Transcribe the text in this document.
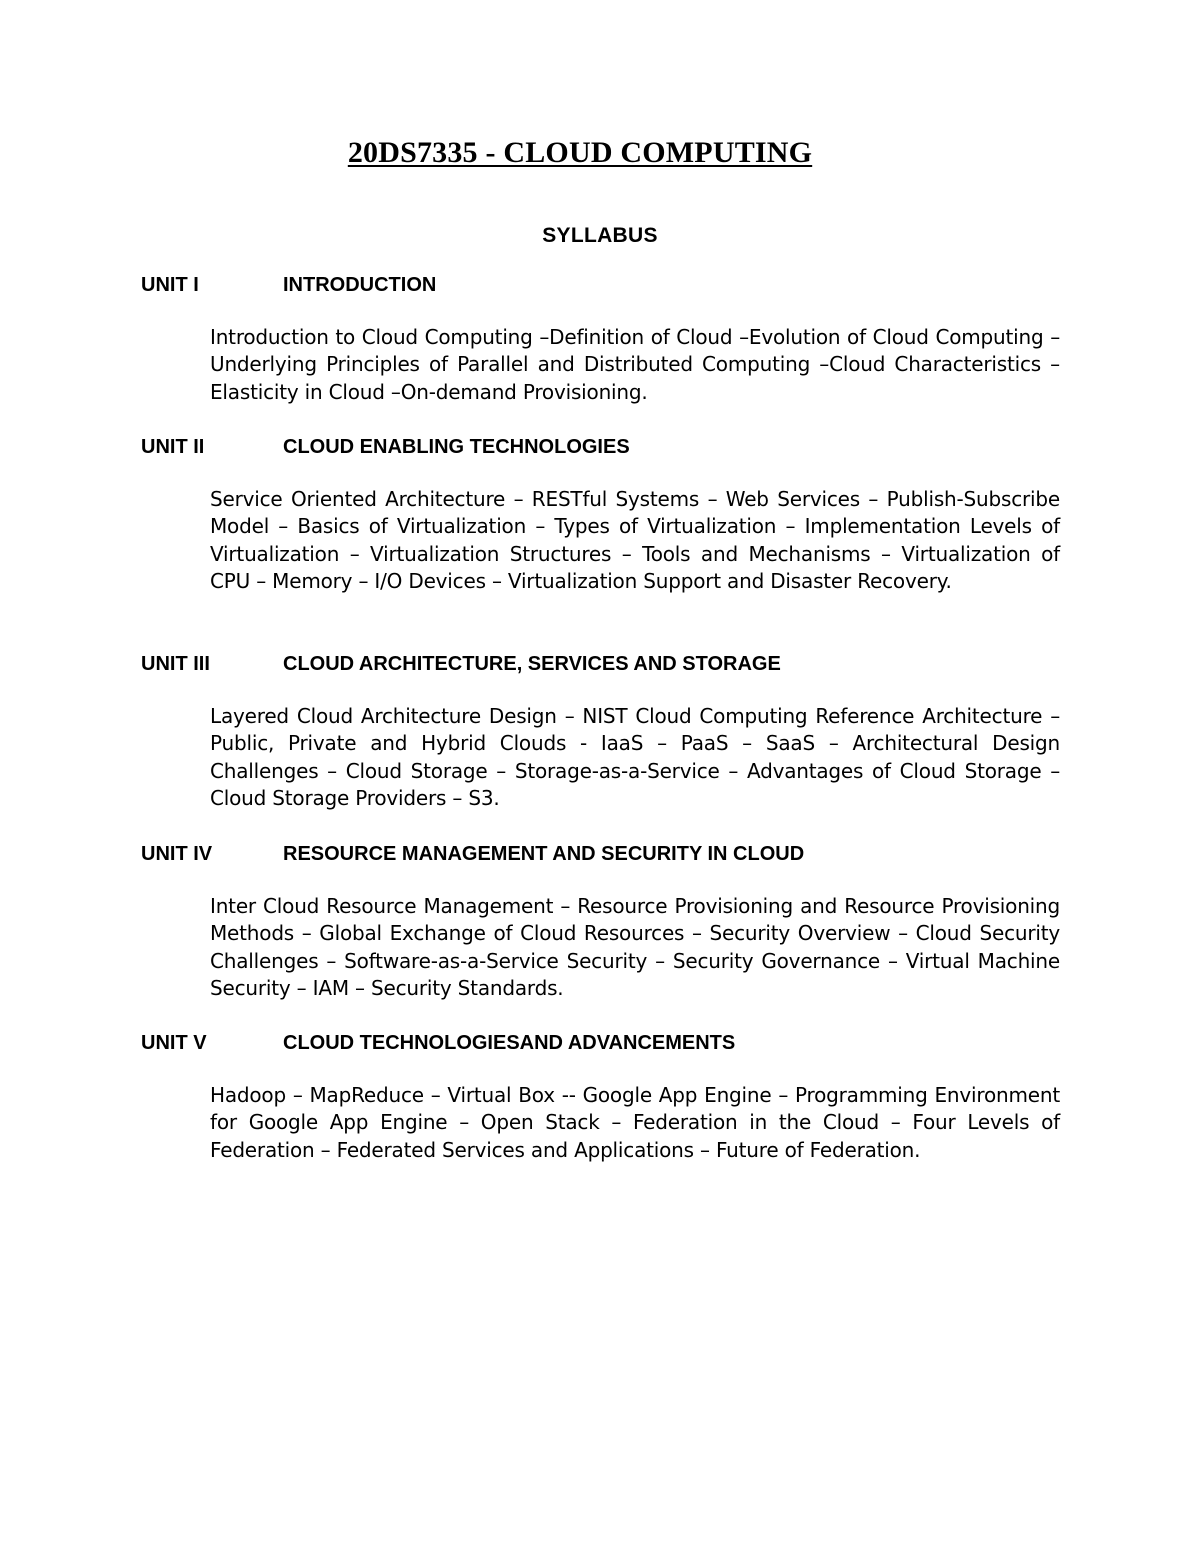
20DS7335 - CLOUD COMPUTING
SYLLABUS
UNIT I	INTRODUCTION
Introduction to Cloud Computing –Definition of Cloud –Evolution of Cloud Computing –Underlying Principles of Parallel and Distributed Computing –Cloud Characteristics –Elasticity in Cloud –On-demand Provisioning.
UNIT II	CLOUD ENABLING TECHNOLOGIES
Service Oriented Architecture – RESTful Systems – Web Services – Publish-Subscribe Model – Basics of Virtualization – Types of Virtualization – Implementation Levels of Virtualization – Virtualization Structures – Tools and Mechanisms – Virtualization of CPU – Memory – I/O Devices – Virtualization Support and Disaster Recovery.
UNIT III	CLOUD ARCHITECTURE, SERVICES AND STORAGE
Layered Cloud Architecture Design – NIST Cloud Computing Reference Architecture – Public, Private and Hybrid Clouds - IaaS – PaaS – SaaS – Architectural Design Challenges – Cloud Storage – Storage-as-a-Service – Advantages of Cloud Storage – Cloud Storage Providers – S3.
UNIT IV	RESOURCE MANAGEMENT AND SECURITY IN CLOUD
Inter Cloud Resource Management – Resource Provisioning and Resource Provisioning Methods – Global Exchange of Cloud Resources – Security Overview – Cloud Security Challenges – Software-as-a-Service Security – Security Governance – Virtual Machine Security – IAM – Security Standards.
UNIT V	CLOUD TECHNOLOGIESAND ADVANCEMENTS
Hadoop – MapReduce – Virtual Box -- Google App Engine – Programming Environment for Google App Engine – Open Stack – Federation in the Cloud – Four Levels of Federation – Federated Services and Applications – Future of Federation.
